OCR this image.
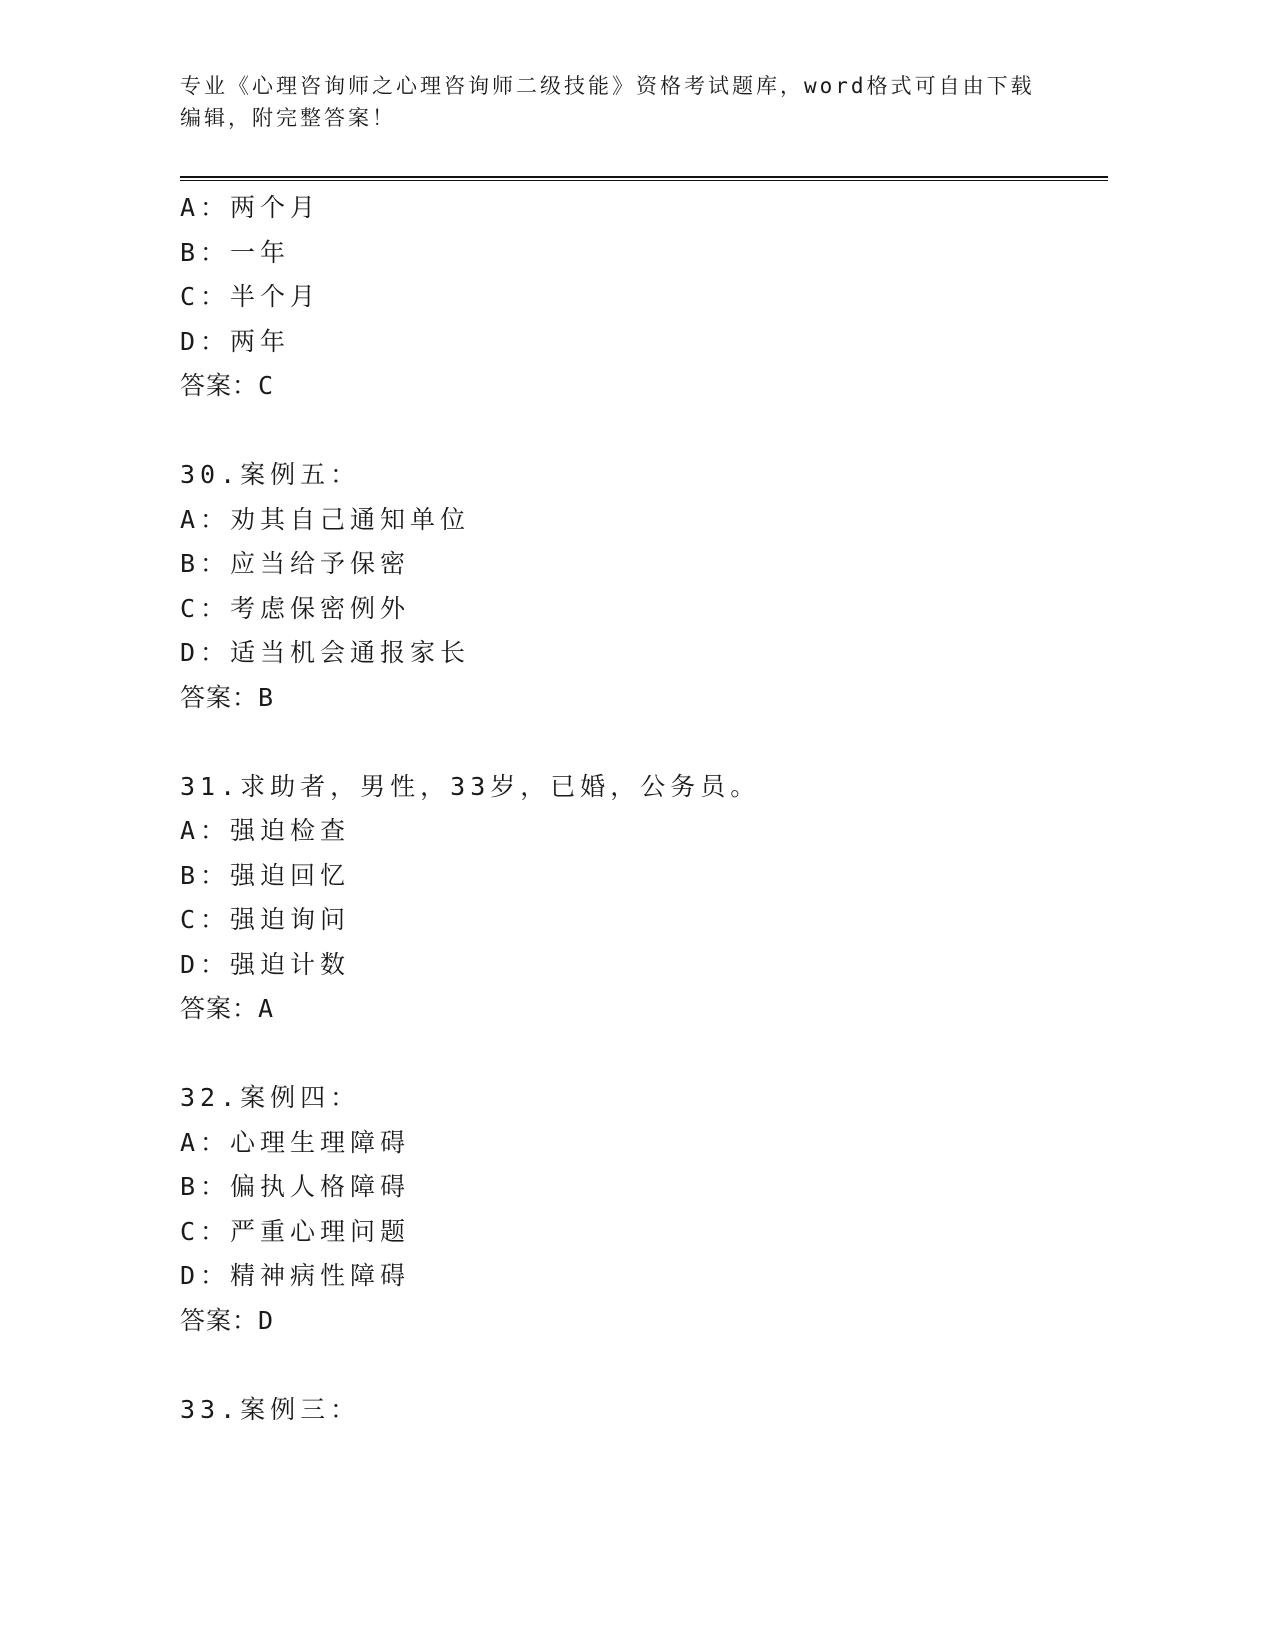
专业《心理咨询师之心理咨询师二级技能》资格考试题库，word格式可自由下载
编辑，附完整答案！
A：两个月
B：一年
C：半个月
D：两年
答案：C
30.案例五：
A：劝其自己通知单位
B：应当给予保密
C：考虑保密例外
D：适当机会通报家长
答案：B
31.求助者，男性，33岁，已婚，公务员。
A：强迫检查
B：强迫回忆
C：强迫询问
D：强迫计数
答案：A
32.案例四：
A：心理生理障碍
B：偏执人格障碍
C：严重心理问题
D：精神病性障碍
答案：D
33.案例三：
